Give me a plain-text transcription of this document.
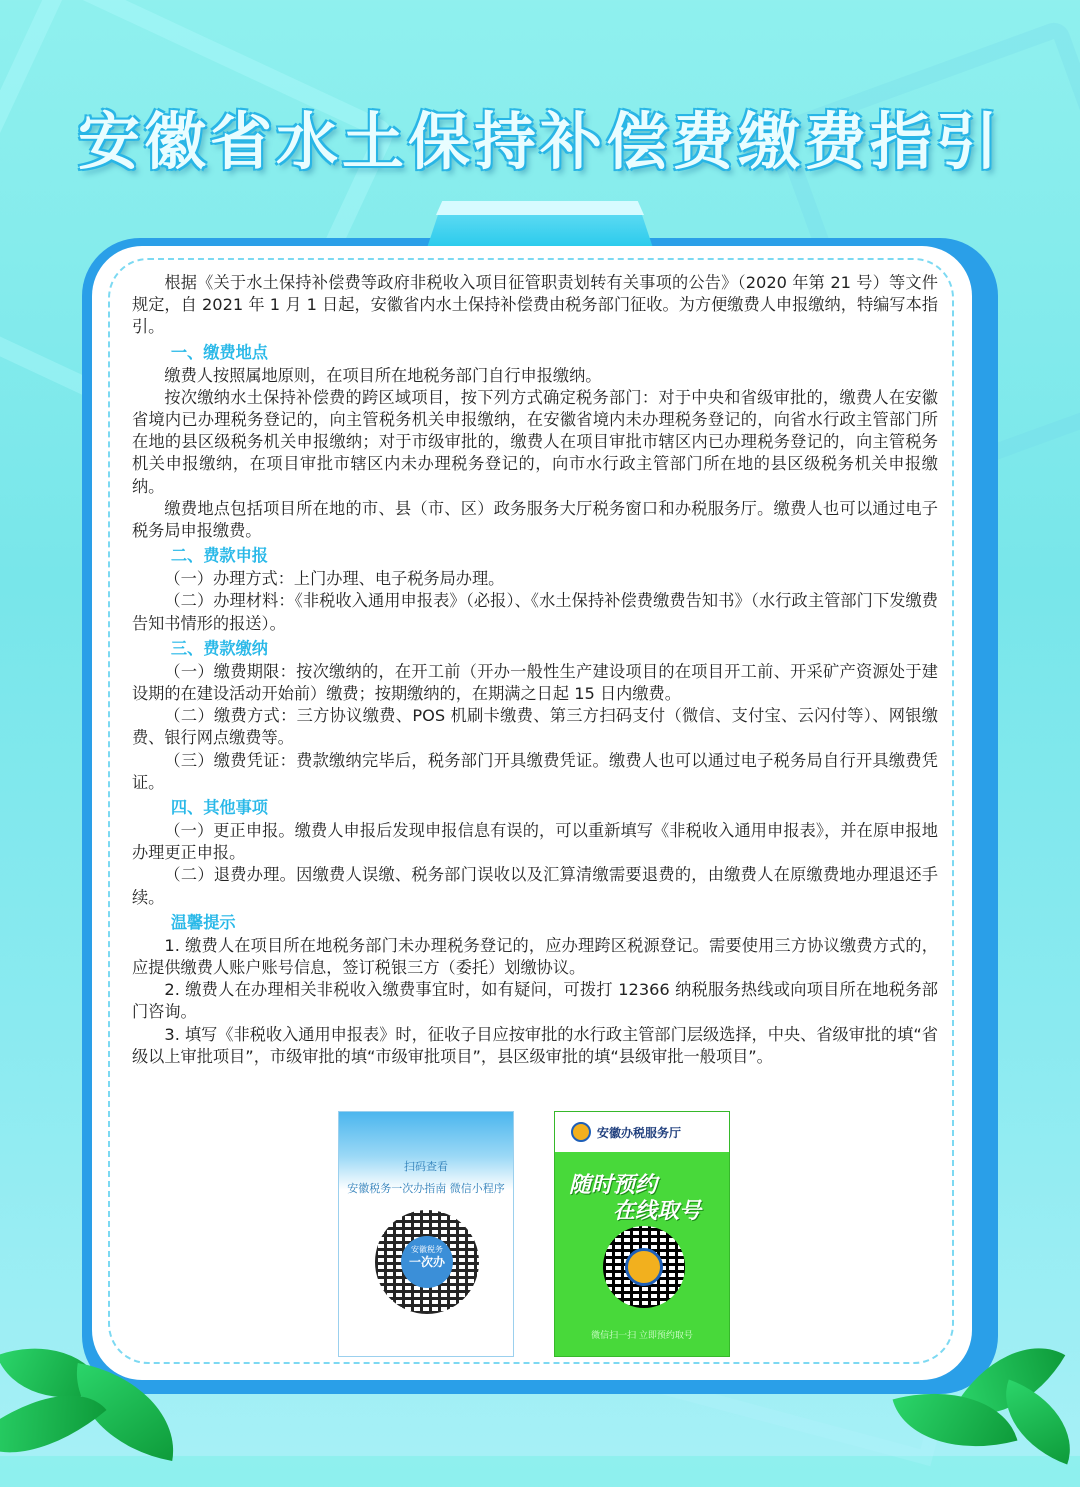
安徽省水土保持补偿费缴费指引

根据《关于水土保持补偿费等政府非税收入项目征管职责划转有关事项的公告》（2020 年第 21 号）等文件规定，自 2021 年 1 月 1 日起，安徽省内水土保持补偿费由税务部门征收。为方便缴费人申报缴纳，特编写本指引。

一、缴费地点

缴费人按照属地原则，在项目所在地税务部门自行申报缴纳。

按次缴纳水土保持补偿费的跨区域项目，按下列方式确定税务部门：对于中央和省级审批的，缴费人在安徽省境内已办理税务登记的，向主管税务机关申报缴纳，在安徽省境内未办理税务登记的，向省水行政主管部门所在地的县区级税务机关申报缴纳；对于市级审批的，缴费人在项目审批市辖区内已办理税务登记的，向主管税务机关申报缴纳，在项目审批市辖区内未办理税务登记的，向市水行政主管部门所在地的县区级税务机关申报缴纳。

缴费地点包括项目所在地的市、县（市、区）政务服务大厅税务窗口和办税服务厅。缴费人也可以通过电子税务局申报缴费。

二、费款申报

（一）办理方式：上门办理、电子税务局办理。

（二）办理材料：《非税收入通用申报表》（必报）、《水土保持补偿费缴费告知书》（水行政主管部门下发缴费告知书情形的报送）。

三、费款缴纳

（一）缴费期限：按次缴纳的，在开工前（开办一般性生产建设项目的在项目开工前、开采矿产资源处于建设期的在建设活动开始前）缴费；按期缴纳的，在期满之日起 15 日内缴费。

（二）缴费方式：三方协议缴费、POS 机刷卡缴费、第三方扫码支付（微信、支付宝、云闪付等）、网银缴费、银行网点缴费等。

（三）缴费凭证：费款缴纳完毕后，税务部门开具缴费凭证。缴费人也可以通过电子税务局自行开具缴费凭证。

四、其他事项

（一）更正申报。缴费人申报后发现申报信息有误的，可以重新填写《非税收入通用申报表》，并在原申报地办理更正申报。

（二）退费办理。因缴费人误缴、税务部门误收以及汇算清缴需要退费的，由缴费人在原缴费地办理退还手续。

温馨提示

1. 缴费人在项目所在地税务部门未办理税务登记的，应办理跨区税源登记。需要使用三方协议缴费方式的，应提供缴费人账户账号信息，签订税银三方（委托）划缴协议。

2. 缴费人在办理相关非税收入缴费事宜时，如有疑问，可拨打 12366 纳税服务热线或向项目所在地税务部门咨询。

3. 填写《非税收入通用申报表》时，征收子目应按审批的水行政主管部门层级选择，中央、省级审批的填“省级以上审批项目”，市级审批的填“市级审批项目”，县区级审批的填“县级审批一般项目”。

扫码查看
安徽税务一次办指南 微信小程序
安徽税务
一次办
安徽办税服务厅
随时预约
在线取号
微信扫一扫 立即预约取号
